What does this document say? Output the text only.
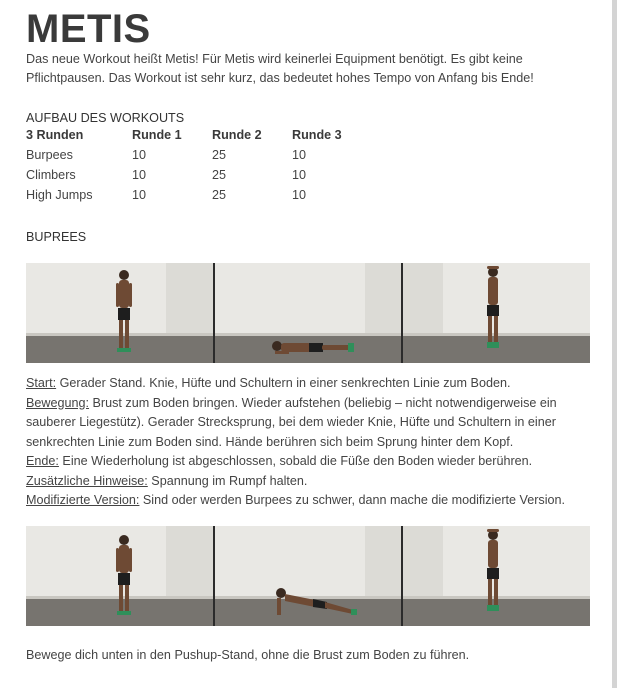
METIS

Das neue Workout heißt Metis! Für Metis wird keinerlei Equipment benötigt. Es gibt keine Pflichtpausen. Das Workout ist sehr kurz, das bedeutet hohes Tempo von Anfang bis Ende!

AUFBAU DES WORKOUTS
3 Runden	Runde 1	Runde 2	Runde 3
Burpees	10	25	10
Climbers	10	25	10
High Jumps	10	25	10
BUPREES
Start: Gerader Stand. Knie, Hüfte und Schultern in einer senkrechten Linie zum Boden.
Bewegung: Brust zum Boden bringen. Wieder aufstehen (beliebig – nicht notwendigerweise ein sauberer Liegestütz). Gerader Strecksprung, bei dem wieder Knie, Hüfte und Schultern in einer senkrechten Linie zum Boden sind. Hände berühren sich beim Sprung hinter dem Kopf.
Ende: Eine Wiederholung ist abgeschlossen, sobald die Füße den Boden wieder berühren.
Zusätzliche Hinweise: Spannung im Rumpf halten.
Modifizierte Version: Sind oder werden Burpees zu schwer, dann mache die modifizierte Version.
Bewege dich unten in den Pushup-Stand, ohne die Brust zum Boden zu führen.
